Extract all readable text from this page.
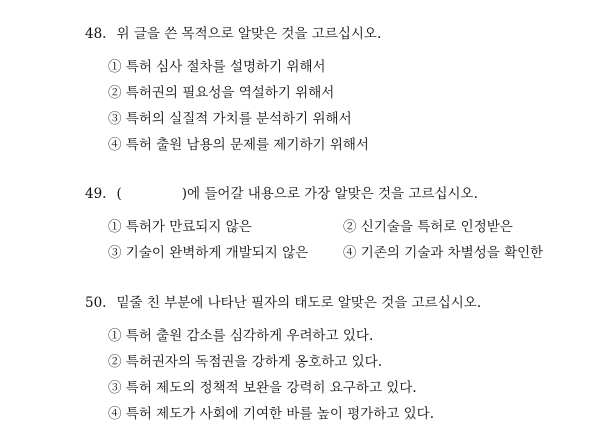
48. 위 글을 쓴 목적으로 알맞은 것을 고르십시오.
① 특허 심사 절차를 설명하기 위해서
② 특허권의 필요성을 역설하기 위해서
③ 특허의 실질적 가치를 분석하기 위해서
④ 특허 출원 남용의 문제를 제기하기 위해서
49. (	)에 들어갈 내용으로 가장 알맞은 것을 고르십시오.
① 특허가 만료되지 않은	② 신기술을 특허로 인정받은
③ 기술이 완벽하게 개발되지 않은	④ 기존의 기술과 차별성을 확인한
50. 밑줄 친 부분에 나타난 필자의 태도로 알맞은 것을 고르십시오.
① 특허 출원 감소를 심각하게 우려하고 있다.
② 특허권자의 독점권을 강하게 옹호하고 있다.
③ 특허 제도의 정책적 보완을 강력히 요구하고 있다.
④ 특허 제도가 사회에 기여한 바를 높이 평가하고 있다.
